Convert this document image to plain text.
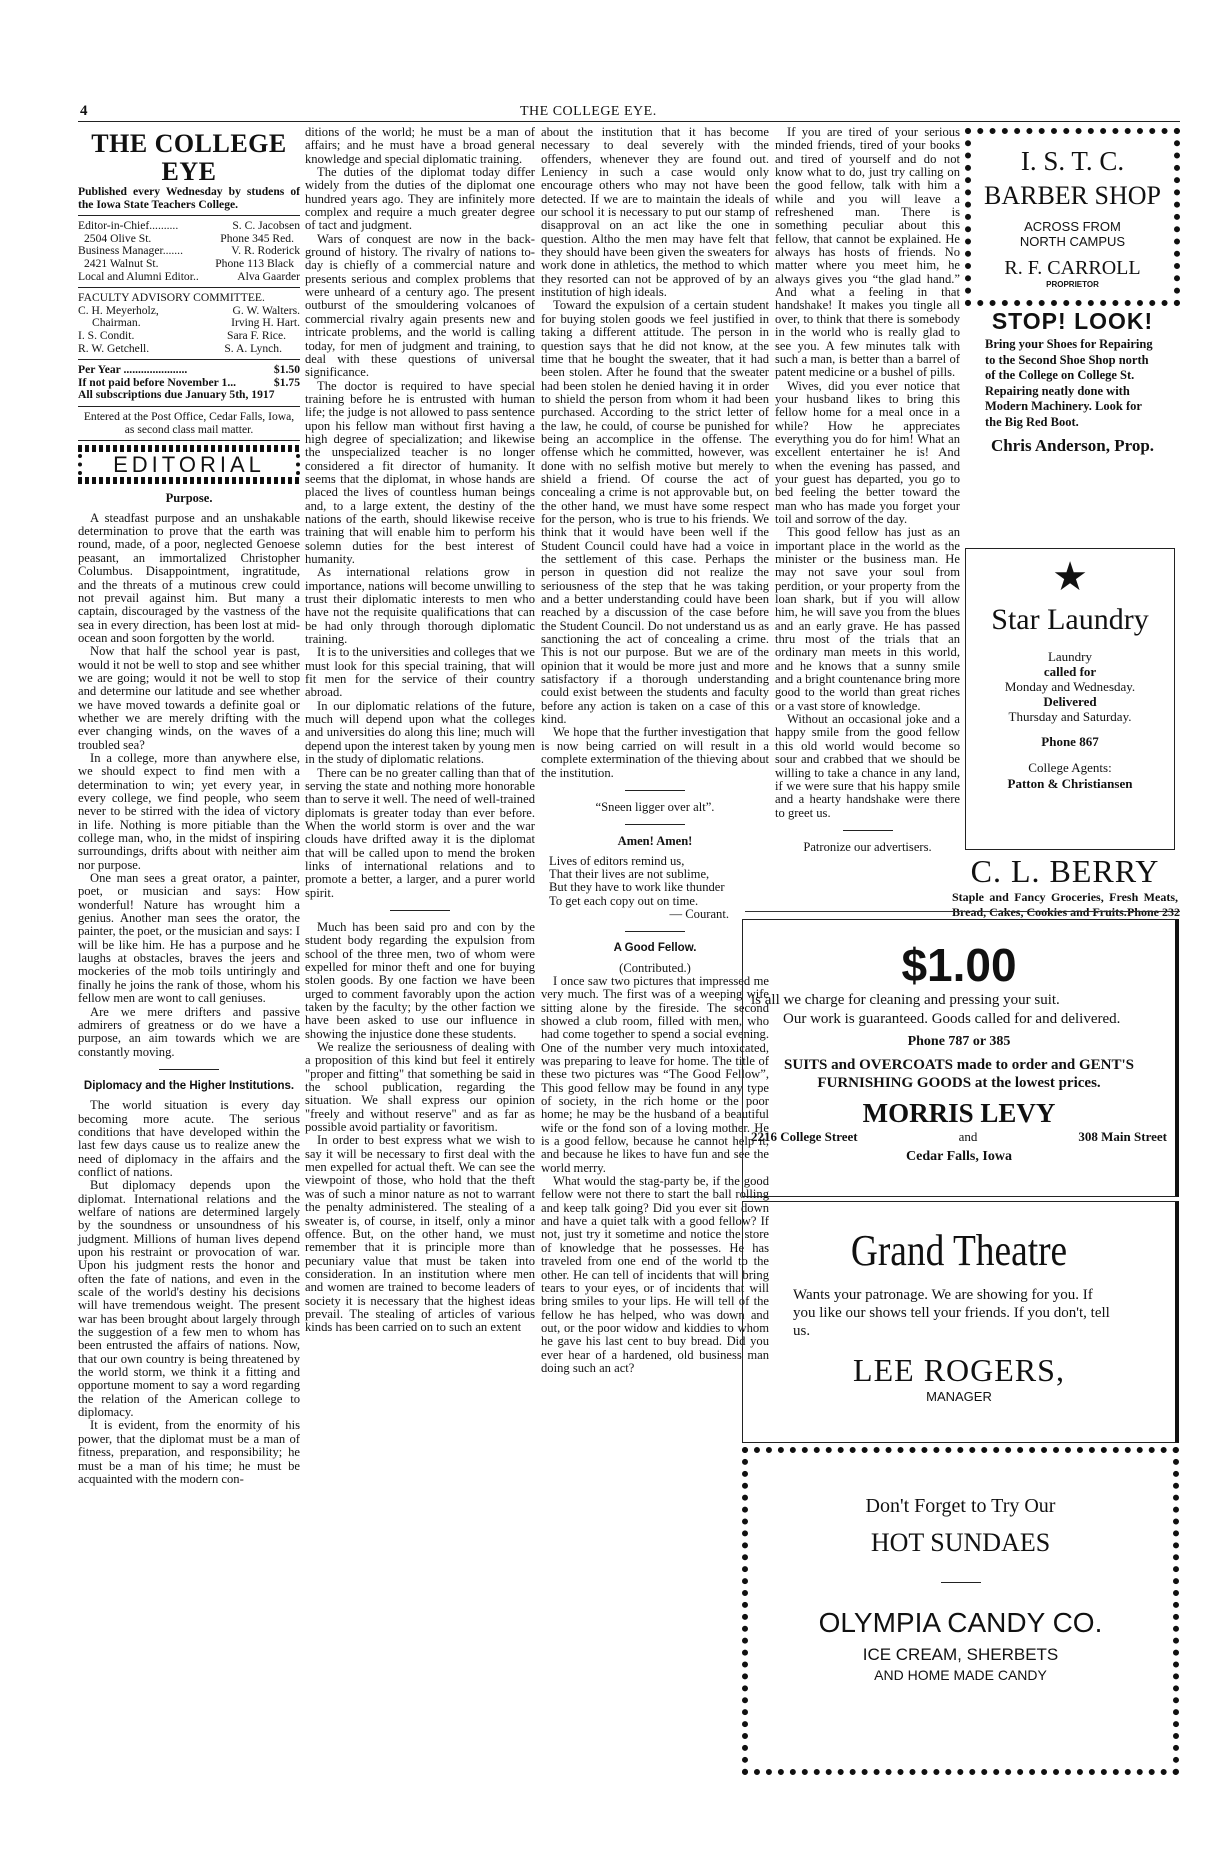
4	THE COLLEGE EYE.
THE COLLEGE EYE
Published every Wednesday by studens of the Iowa State Teachers College.
Editor-in-Chief..........	S. C. Jacobsen
2504 Olive St.	Phone 345 Red.
Business Manager.......	V. R. Roderick
2421 Walnut St.	Phone 113 Black
Local and Alumni Editor..	Alva Gaarder
FACULTY ADVISORY COMMITTEE.
C. H. Meyerholz,	G. W. Walters.
Chairman.	Irving H. Hart.
I. S. Condit.	Sara F. Rice.
R. W. Getchell.	S. A. Lynch.
Per Year ......................	$1.50
If not paid before November 1...	$1.75
All subscriptions due January 5th, 1917
Entered at the Post Office, Cedar Falls, Iowa, as second class mail matter.
EDITORIAL
Purpose.

A steadfast purpose and an unshakable determination to prove that the earth was round, made, of a poor, neglected Genoese peasant, an immortalized Christopher Columbus. Disappointment, ingratitude, and the threats of a mutinous crew could not prevail against him. But many a captain, discouraged by the vastness of the sea in every direction, has been lost at mid-ocean and soon forgotten by the world.

Now that half the school year is past, would it not be well to stop and see whither we are going; would it not be well to stop and determine our latitude and see whether we have moved towards a definite goal or whether we are merely drifting with the ever changing winds, on the waves of a troubled sea?

In a college, more than anywhere else, we should expect to find men with a determination to win; yet every year, in every college, we find people, who seem never to be stirred with the idea of victory in life. Nothing is more pitiable than the college man, who, in the midst of inspiring surroundings, drifts about with neither aim nor purpose.

One man sees a great orator, a painter, poet, or musician and says: How wonderful! Nature has wrought him a genius. Another man sees the orator, the painter, the poet, or the musician and says: I will be like him. He has a purpose and he laughs at obstacles, braves the jeers and mockeries of the mob toils untiringly and finally he joins the rank of those, whom his fellow men are wont to call geniuses.

Are we mere drifters and passive admirers of greatness or do we have a purpose, an aim towards which we are constantly moving.

Diplomacy and the Higher Institutions.

The world situation is every day becoming more acute. The serious conditions that have developed within the last few days cause us to realize anew the need of diplomacy in the affairs and the conflict of nations.

But diplomacy depends upon the diplomat. International relations and the welfare of nations are determined largely by the soundness or unsoundness of his judgment. Millions of human lives depend upon his restraint or provocation of war. Upon his judgment rests the honor and often the fate of nations, and even in the scale of the world's destiny his decisions will have tremendous weight. The present war has been brought about largely through the suggestion of a few men to whom has been entrusted the affairs of nations. Now, that our own country is being threatened by the world storm, we think it a fitting and opportune moment to say a word regarding the relation of the American college to diplomacy.

It is evident, from the enormity of his power, that the diplomat must be a man of fitness, preparation, and responsibility; he must be a man of his time; he must be acquainted with the modern con-

ditions of the world; he must be a man of affairs; and he must have a broad general knowledge and special diplomatic training.

The duties of the diplomat today differ widely from the duties of the diplomat one hundred years ago. They are infinitely more complex and require a much greater degree of tact and judgment.

Wars of conquest are now in the back-ground of history. The rivalry of nations to-day is chiefly of a commercial nature and presents serious and complex problems that were unheard of a century ago. The present outburst of the smouldering volcanoes of commercial rivalry again presents new and intricate problems, and the world is calling today, for men of judgment and training, to deal with these questions of universal significance.

The doctor is required to have special training before he is entrusted with human life; the judge is not allowed to pass sentence upon his fellow man without first having a high degree of specialization; and likewise the unspecialized teacher is no longer considered a fit director of humanity. It seems that the diplomat, in whose hands are placed the lives of countless human beings and, to a large extent, the destiny of the nations of the earth, should likewise receive training that will enable him to perform his solemn duties for the best interest of humanity.

As international relations grow in importance, nations will become unwilling to trust their diplomatic interests to men who have not the requisite qualifications that can be had only through thorough diplomatic training.

It is to the universities and colleges that we must look for this special training, that will fit men for the service of their country abroad.

In our diplomatic relations of the future, much will depend upon what the colleges and universities do along this line; much will depend upon the interest taken by young men in the study of diplomatic relations.

There can be no greater calling than that of serving the state and nothing more honorable than to serve it well. The need of well-trained diplomats is greater today than ever before. When the world storm is over and the war clouds have drifted away it is the diplomat that will be called upon to mend the broken links of international relations and to promote a better, a larger, and a purer world spirit.

Much has been said pro and con by the student body regarding the expulsion from school of the three men, two of whom were expelled for minor theft and one for buying stolen goods. By one faction we have been urged to comment favorably upon the action taken by the faculty; by the other faction we have been asked to use our influence in showing the injustice done these students.

We realize the seriousness of dealing with a proposition of this kind but feel it entirely "proper and fitting" that something be said in the school publication, regarding the situation. We shall express our opinion "freely and without reserve" and as far as possible avoid partiality or favoritism.

In order to best express what we wish to say it will be necessary to first deal with the men expelled for actual theft. We can see the viewpoint of those, who hold that the theft was of such a minor nature as not to warrant the penalty administered. The stealing of a sweater is, of course, in itself, only a minor offence. But, on the other hand, we must remember that it is principle more than pecuniary value that must be taken into consideration. In an institution where men and women are trained to become leaders of society it is necessary that the highest ideas prevail. The stealing of articles of various kinds has been carried on to such an extent

about the institution that it has become necessary to deal severely with the offenders, whenever they are found out. Leniency in such a case would only encourage others who may not have been detected. If we are to maintain the ideals of our school it is necessary to put our stamp of disapproval on an act like the one in question. Altho the men may have felt that they should have been given the sweaters for work done in athletics, the method to which they resorted can not be approved of by an institution of high ideals.

Toward the expulsion of a certain student for buying stolen goods we feel justified in taking a different attitude. The person in question says that he did not know, at the time that he bought the sweater, that it had been stolen. After he found that the sweater had been stolen he denied having it in order to shield the person from whom it had been purchased. According to the strict letter of the law, he could, of course be punished for being an accomplice in the offense. The offense which he committed, however, was done with no selfish motive but merely to shield a friend. Of course the act of concealing a crime is not approvable but, on the other hand, we must have some respect for the person, who is true to his friends. We think that it would have been well if the Student Council could have had a voice in the settlement of this case. Perhaps the person in question did not realize the seriousness of the step that he was taking and a better understanding could have been reached by a discussion of the case before the Student Council. Do not understand us as sanctioning the act of concealing a crime. This is not our purpose. But we are of the opinion that it would be more just and more satisfactory if a thorough understanding could exist between the students and faculty before any action is taken on a case of this kind.

We hope that the further investigation that is now being carried on will result in a complete extermination of the thieving about the institution.

“Sneen ligger over alt”.

Amen! Amen!

Lives of editors remind us,

That their lives are not sublime,

But they have to work like thunder

To get each copy out on time.

— Courant.

A Good Fellow.

(Contributed.)

I once saw two pictures that impressed me very much. The first was of a weeping wife sitting alone by the fireside. The second showed a club room, filled with men, who had come together to spend a social evening. One of the number very much intoxicated, was preparing to leave for home. The title of these two pictures was “The Good Fellow”, This good fellow may be found in any type of society, in the rich home or the poor home; he may be the husband of a beautiful wife or the fond son of a loving mother. He is a good fellow, because he cannot help it, and because he likes to have fun and see the world merry.

What would the stag-party be, if the good fellow were not there to start the ball rolling and keep talk going? Did you ever sit down and have a quiet talk with a good fellow? If not, just try it sometime and notice the store of knowledge that he possesses. He has traveled from one end of the world to the other. He can tell of incidents that will bring tears to your eyes, or of incidents that will bring smiles to your lips. He will tell of the fellow he has helped, who was down and out, or the poor widow and kiddies to whom he gave his last cent to buy bread. Did you ever hear of a hardened, old business man doing such an act?

If you are tired of your serious minded friends, tired of your books and tired of yourself and do not know what to do, just try calling on the good fellow, talk with him a while and you will leave a refreshened man. There is something peculiar about this fellow, that cannot be explained. He always has hosts of friends. No matter where you meet him, he always gives you “the glad hand.” And what a feeling in that handshake! It makes you tingle all over, to think that there is somebody in the world who is really glad to see you. A few minutes talk with such a man, is better than a barrel of patent medicine or a bushel of pills.

Wives, did you ever notice that your husband likes to bring this fellow home for a meal once in a while? How he appreciates everything you do for him! What an excellent entertainer he is! And when the evening has passed, and your guest has departed, you go to bed feeling the better toward the man who has made you forget your toil and sorrow of the day.

This good fellow has just as an important place in the world as the minister or the business man. He may not save your soul from perdition, or your property from the loan shark, but if you will allow him, he will save you from the blues and an early grave. He has passed thru most of the trials that an ordinary man meets in this world, and he knows that a sunny smile and a bright countenance bring more good to the world than great riches or a vast store of knowledge.

Without an occasional joke and a happy smile from the good fellow this old world would become so sour and crabbed that we should be willing to take a chance in any land, if we were sure that his happy smile and a hearty handshake were there to greet us.

Patronize our advertisers.

I. S. T. C.
BARBER SHOP
ACROSS FROM
NORTH CAMPUS
R. F. CARROLL
PROPRIETOR
STOP! LOOK!
Bring your Shoes for Repairing to the Second Shoe Shop north of the College on College St. Repairing neatly done with Modern Machinery. Look for the Big Red Boot.
Chris Anderson, Prop.
★
Star Laundry
Laundry
called for
Monday and Wednesday.
Delivered
Thursday and Saturday.
Phone 867
College Agents:
Patton & Christiansen
C. L. BERRY
Staple and Fancy Groceries, Fresh Meats, Bread, Cakes, Cookies and Fruits. Phone 232
$1.00
is all we charge for cleaning and pressing your suit.
Our work is guaranteed. Goods called for and delivered.
Phone 787 or 385
SUITS and OVERCOATS made to order and GENT'S FURNISHING GOODS at the lowest prices.
MORRIS LEVY
2216 College Street	and	308 Main Street
Cedar Falls, Iowa
Grand Theatre
Wants your patronage. We are showing for you. If you like our shows tell your friends. If you don't, tell us.
LEE ROGERS,
MANAGER
Don't Forget to Try Our
HOT SUNDAES
OLYMPIA CANDY CO.
ICE CREAM, SHERBETS
AND HOME MADE CANDY
